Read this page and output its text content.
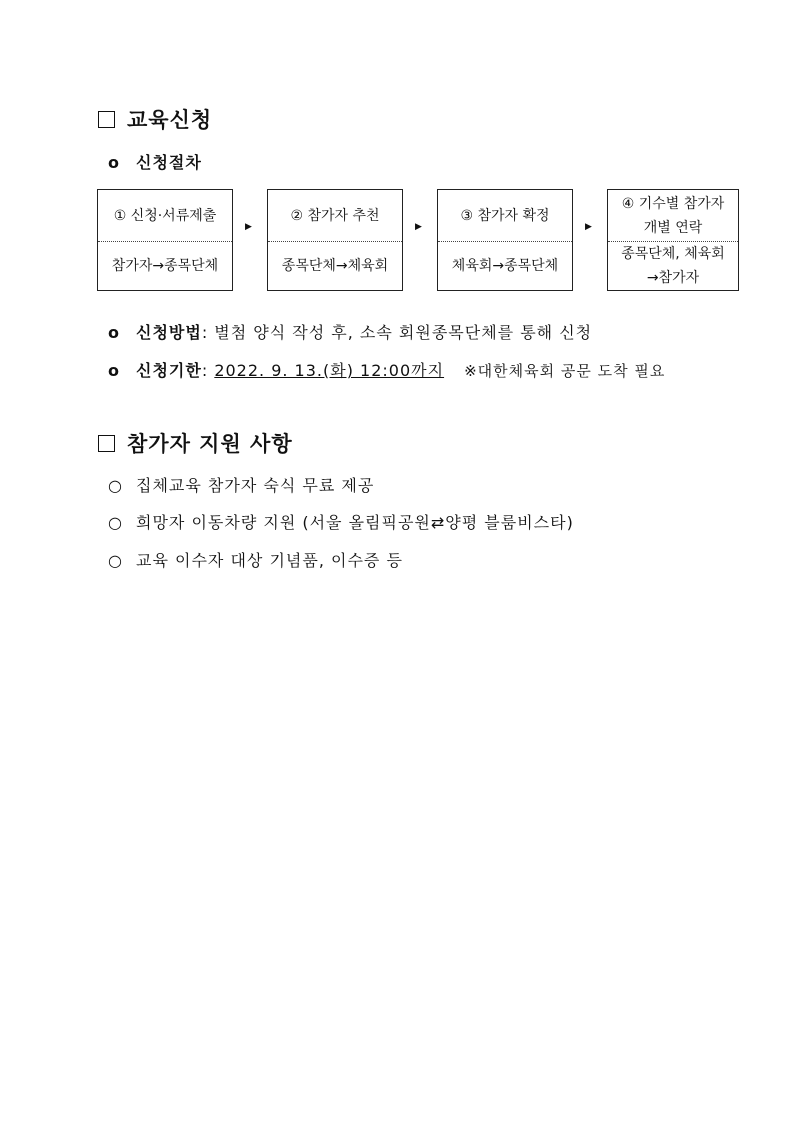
교육신청
o 신청절차
① 신청·서류제출
참가자→종목단체
▶
② 참가자 추천
종목단체→체육회
▶
③ 참가자 확정
체육회→종목단체
▶
④ 기수별 참가자
개별 연락
종목단체, 체육회
→참가자
o 신청방법: 별첨 양식 작성 후, 소속 회원종목단체를 통해 신청
o 신청기한: 2022. 9. 13.(화) 12:00까지 ※대한체육회 공문 도착 필요
참가자 지원 사항
○ 집체교육 참가자 숙식 무료 제공
○ 희망자 이동차량 지원 (서울 올림픽공원⇄양평 블룸비스타)
○ 교육 이수자 대상 기념품, 이수증 등
